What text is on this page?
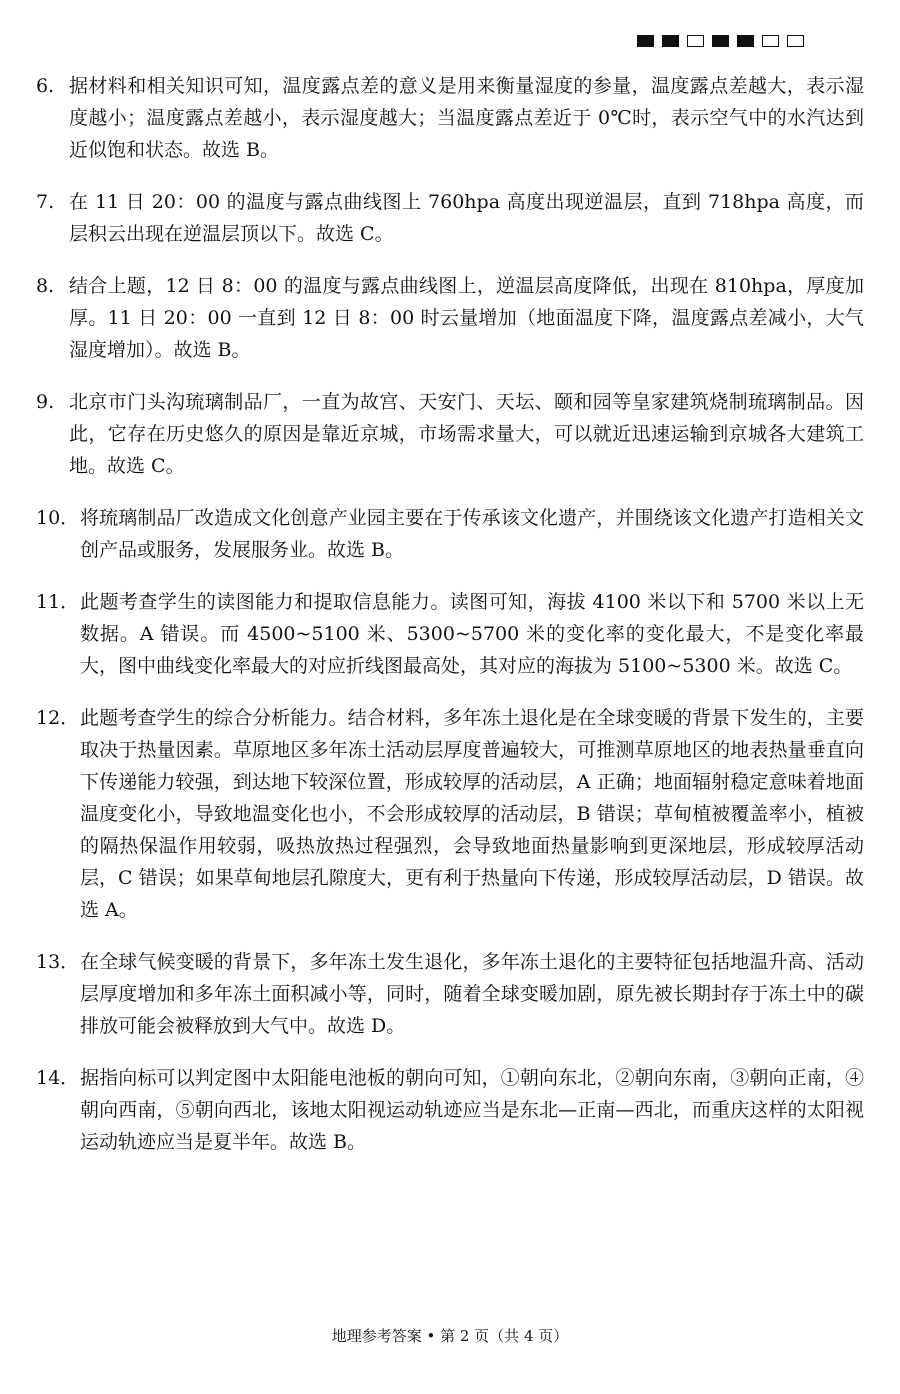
6. 据材料和相关知识可知，温度露点差的意义是用来衡量湿度的参量，温度露点差越大，表示湿度越小；温度露点差越小，表示湿度越大；当温度露点差近于 0℃时，表示空气中的水汽达到近似饱和状态。故选 B。
7. 在 11 日 20：00 的温度与露点曲线图上 760hpa 高度出现逆温层，直到 718hpa 高度，而层积云出现在逆温层顶以下。故选 C。
8. 结合上题，12 日 8：00 的温度与露点曲线图上，逆温层高度降低，出现在 810hpa，厚度加厚。11 日 20：00 一直到 12 日 8：00 时云量增加（地面温度下降，温度露点差减小，大气湿度增加）。故选 B。
9. 北京市门头沟琉璃制品厂，一直为故宫、天安门、天坛、颐和园等皇家建筑烧制琉璃制品。因此，它存在历史悠久的原因是靠近京城，市场需求量大，可以就近迅速运输到京城各大建筑工地。故选 C。
10． 将琉璃制品厂改造成文化创意产业园主要在于传承该文化遗产，并围绕该文化遗产打造相关文创产品或服务，发展服务业。故选 B。
11． 此题考查学生的读图能力和提取信息能力。读图可知，海拔 4100 米以下和 5700 米以上无数据。A 错误。而 4500~5100 米、5300~5700 米的变化率的变化最大，不是变化率最大，图中曲线变化率最大的对应折线图最高处，其对应的海拔为 5100~5300 米。故选 C。
12． 此题考查学生的综合分析能力。结合材料，多年冻土退化是在全球变暖的背景下发生的，主要取决于热量因素。草原地区多年冻土活动层厚度普遍较大，可推测草原地区的地表热量垂直向下传递能力较强，到达地下较深位置，形成较厚的活动层，A 正确；地面辐射稳定意味着地面温度变化小，导致地温变化也小，不会形成较厚的活动层，B 错误；草甸植被覆盖率小，植被的隔热保温作用较弱，吸热放热过程强烈，会导致地面热量影响到更深地层，形成较厚活动层，C 错误；如果草甸地层孔隙度大，更有利于热量向下传递，形成较厚活动层，D 错误。故选 A。
13． 在全球气候变暖的背景下，多年冻土发生退化，多年冻土退化的主要特征包括地温升高、活动层厚度增加和多年冻土面积减小等，同时，随着全球变暖加剧，原先被长期封存于冻土中的碳排放可能会被释放到大气中。故选 D。
14． 据指向标可以判定图中太阳能电池板的朝向可知，①朝向东北，②朝向东南，③朝向正南，④朝向西南，⑤朝向西北，该地太阳视运动轨迹应当是东北—正南—西北，而重庆这样的太阳视运动轨迹应当是夏半年。故选 B。
地理参考答案 • 第 2 页（共 4 页）
